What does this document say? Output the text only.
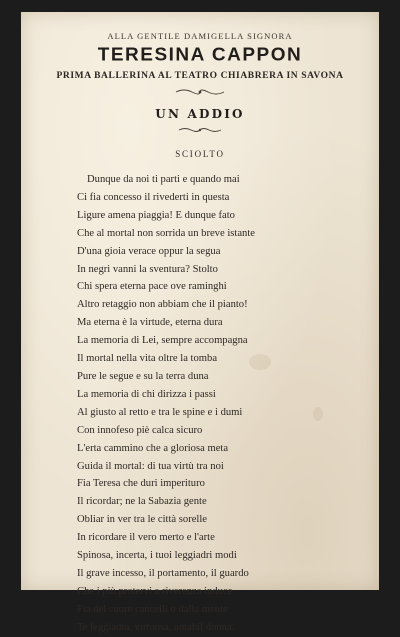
ALLA GENTILE DAMIGELLA SIGNORA
TERESINA CAPPON
PRIMA BALLERINA AL TEATRO CHIABRERA IN SAVONA
UN ADDIO
SCIOLTO
Dunque da noi ti parti e quando mai
Ci fia concesso il rivederti in questa
Ligure amena piaggia! E dunque fato
Che al mortal non sorrida un breve istante
D'una gioia verace oppur la segua
In negri vanni la sventura? Stolto
Chi spera eterna pace ove raminghi
Altro retaggio non abbiam che il pianto!
Ma eterna è la virtude, eterna dura
La memoria di Lei, sempre accompagna
Il mortal nella vita oltre la tomba
Pure le segue e su la terra duna
La memoria di chi dirizza i passi
Al giusto al retto e tra le spine e i dumi
Con innofeso piè calca sicuro
L'erta cammino che a gloriosa meta
Guida il mortal: di tua virtù tra noi
Fia Teresa che duri imperituro
Il ricordar; ne la Sabazia gente
Obliar in ver tra le città sorelle
In ricordare il vero merto e l'arte
Spinosa, incerta, i tuoi leggiadri modi
Il grave incesso, il portamento, il guardo
Che i più protervi a riverenza induce
Fia del cuore cancelli o dalla mente
Te leggiadra, virtuosa, amabil donna.
